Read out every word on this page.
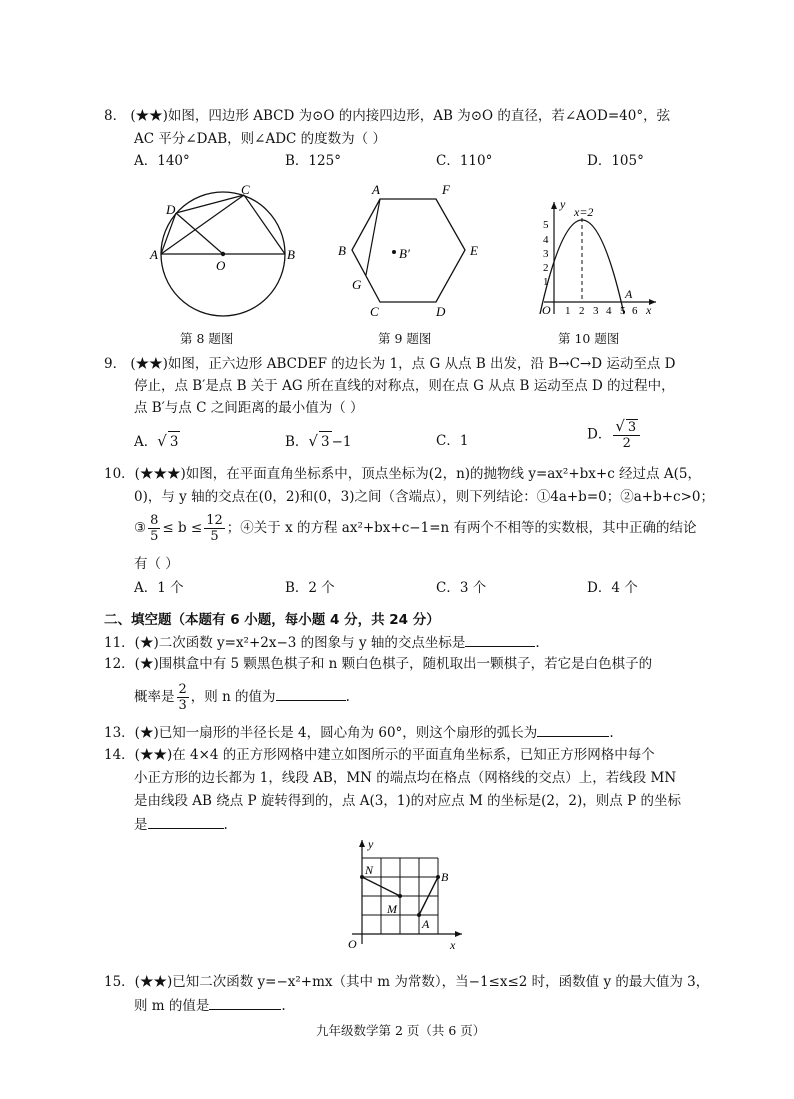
8． (★★)如图，四边形 ABCD 为⊙O 的内接四边形，AB 为⊙O 的直径，若∠AOD=40°，弦
AC 平分∠DAB，则∠ADC 的度数为（ ）
A．140°	B．125°	C．110°	D．105°
C
D
A
O
B
第 8 题图
A	F
B	B′	E
G
C	D
第 9 题图
y
x=2
5
4
3
2
1
O 1 2 3 4 5 6 x
A
第 10 题图
9． (★★)如图，正六边形 ABCDEF 的边长为 1，点 G 从点 B 出发，沿 B→C→D 运动至点 D
停止，点 B′是点 B 关于 AG 所在直线的对称点，则在点 G 从点 B 运动至点 D 的过程中，
点 B′与点 C 之间距离的最小值为（ ）
A．√ 3	B．√ 3 −1	C．1	D． $\frac{√ 3}{2}$
10．(★★★)如图，在平面直角坐标系中，顶点坐标为(2，n)的抛物线 y=ax²+bx+c 经过点 A(5，
0)，与 y 轴的交点在(0，2)和(0，3)之间（含端点），则下列结论：①4a+b=0；②a+b+c>0；
③ $\frac{8}{5} \le b \le \frac{12}{5}$ ；④关于 x 的方程 ax²+bx+c−1=n 有两个不相等的实数根，其中正确的结论
有（ ）
A．1 个	B．2 个	C．3 个	D．4 个
二、填空题（本题有 6 小题，每小题 4 分，共 24 分）
11．(★)二次函数 y=x²+2x−3 的图象与 y 轴的交点坐标是	.
12．(★)围棋盒中有 5 颗黑色棋子和 n 颗白色棋子，随机取出一颗棋子，若它是白色棋子的
概率是 $\frac{2}{3}$ ，则 n 的值为	.
13．(★)已知一扇形的半径长是 4，圆心角为 60°，则这个扇形的弧长为	.
14．(★★)在 4×4 的正方形网格中建立如图所示的平面直角坐标系，已知正方形网格中每个
小正方形的边长都为 1，线段 AB，MN 的端点均在格点（网格线的交点）上，若线段 MN
是由线段 AB 绕点 P 旋转得到的，点 A(3，1)的对应点 M 的坐标是(2，2)，则点 P 的坐标
是	.
y
N	B
M
A
O	x
15．(★★)已知二次函数 y=−x²+mx（其中 m 为常数），当−1≤x≤2 时，函数值 y 的最大值为 3，
则 m 的值是	.
九年级数学第 2 页（共 6 页）
